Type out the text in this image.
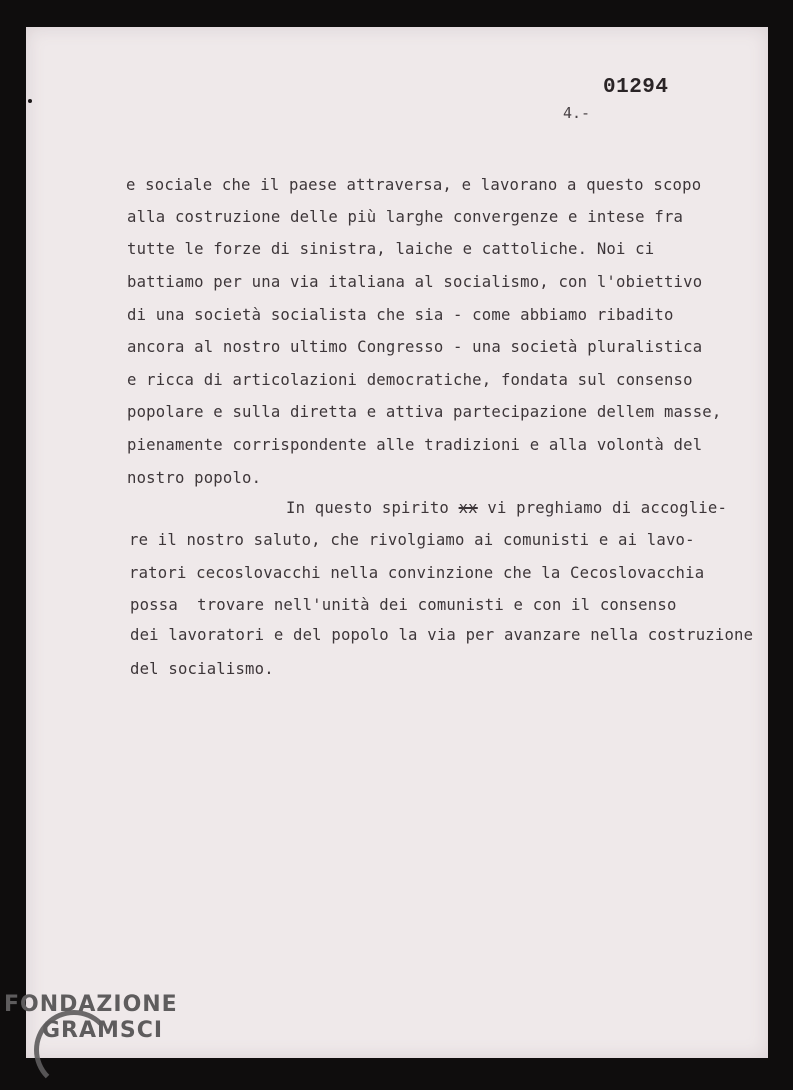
01294
4.-
e sociale che il paese attraversa, e lavorano a questo scopo
alla costruzione delle più larghe convergenze e intese fra
tutte le forze di sinistra, laiche e cattoliche. Noi ci
battiamo per una via italiana al socialismo, con l'obiettivo
di una società socialista che sia - come abbiamo ribadito
ancora al nostro ultimo Congresso - una società pluralistica
e ricca di articolazioni democratiche, fondata sul consenso
popolare e sulla diretta e attiva partecipazione dellem masse,
pienamente corrispondente alle tradizioni e alla volontà del
nostro popolo.
In questo spirito xx vi preghiamo di accoglie-
re il nostro saluto, che rivolgiamo ai comunisti e ai lavo-
ratori cecoslovacchi nella convinzione che la Cecoslovacchia
possa  trovare nell'unità dei comunisti e con il consenso
dei lavoratori e del popolo la via per avanzare nella costruzione
del socialismo.
FONDAZIONE
GRAMSCI
